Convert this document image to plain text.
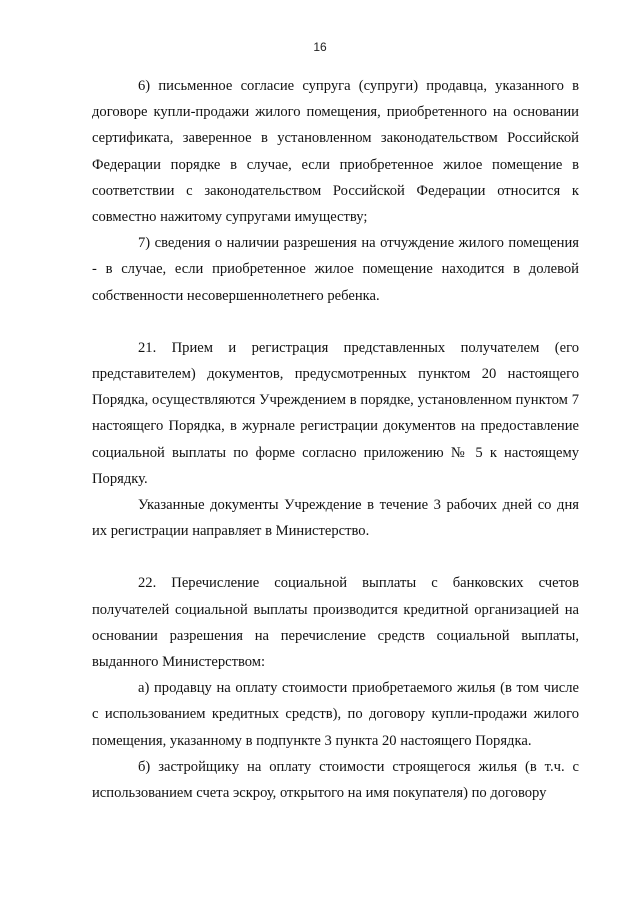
16

6) письменное согласие супруга (супруги) продавца, указанного в договоре купли-продажи жилого помещения, приобретенного на основании сертификата, заверенное в установленном законодательством Российской Федерации порядке в случае, если приобретенное жилое помещение в соответствии с законодательством Российской Федерации относится к совместно нажитому супругами имуществу;

7) сведения о наличии разрешения на отчуждение жилого помещения - в случае, если приобретенное жилое помещение находится в долевой собственности несовершеннолетнего ребенка.

21. Прием и регистрация представленных получателем (его представителем) документов, предусмотренных пунктом 20 настоящего Порядка, осуществляются Учреждением в порядке, установленном пунктом 7 настоящего Порядка, в журнале регистрации документов на предоставление социальной выплаты по форме согласно приложению № 5 к настоящему Порядку.

Указанные документы Учреждение в течение 3 рабочих дней со дня их регистрации направляет в Министерство.

22. Перечисление социальной выплаты с банковских счетов получателей социальной выплаты производится кредитной организацией на основании разрешения на перечисление средств социальной выплаты, выданного Министерством:

а) продавцу на оплату стоимости приобретаемого жилья (в том числе с использованием кредитных средств), по договору купли-продажи жилого помещения, указанному в подпункте 3 пункта 20 настоящего Порядка.

б) застройщику на оплату стоимости строящегося жилья (в т.ч. с использованием счета эскроу, открытого на имя покупателя) по договору
